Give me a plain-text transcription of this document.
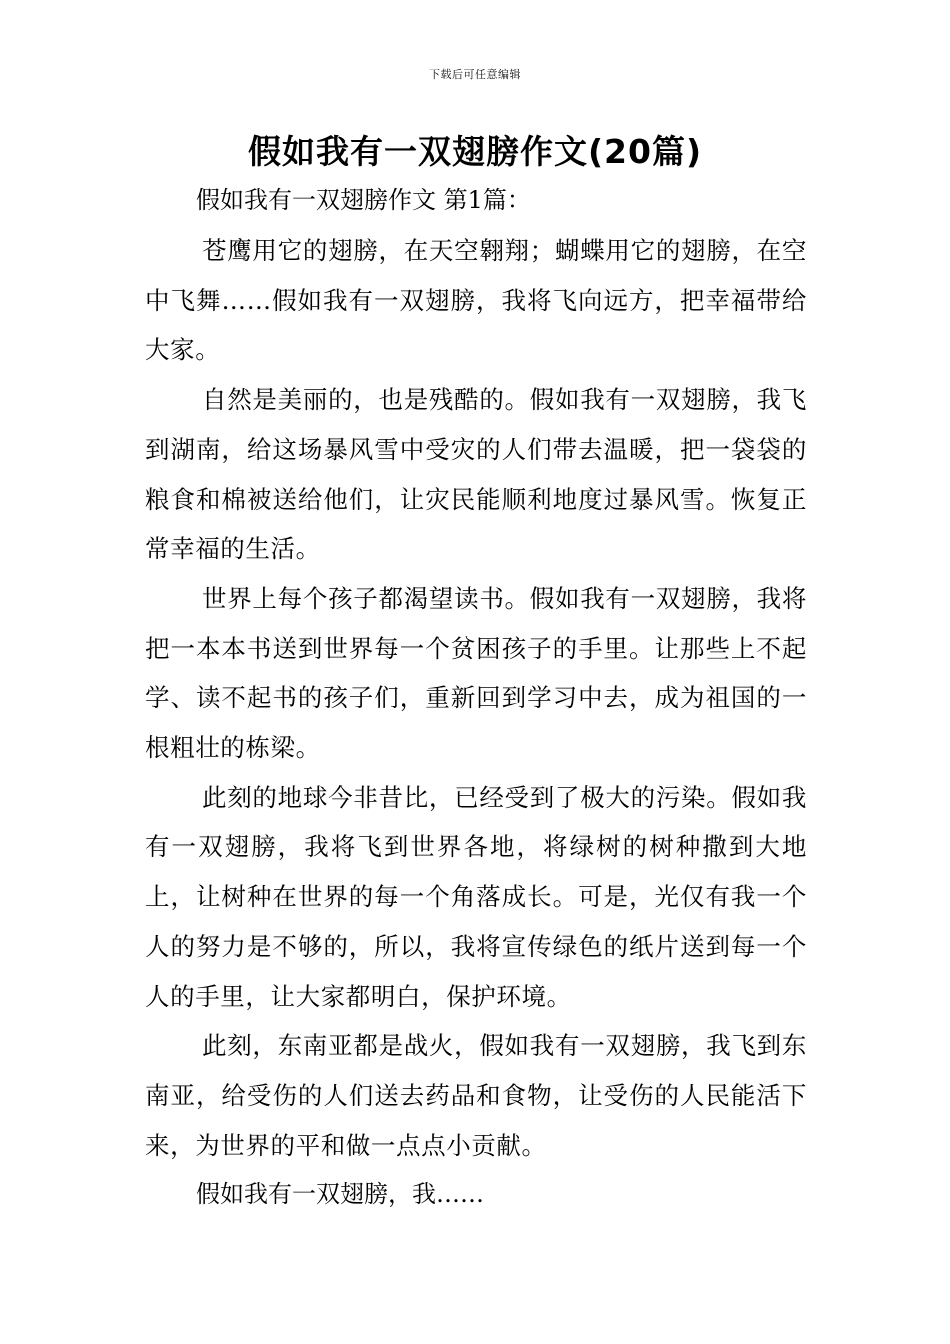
下载后可任意编辑
假如我有一双翅膀作文(20篇)
假如我有一双翅膀作文 第1篇：

苍鹰用它的翅膀，在天空翱翔；蝴蝶用它的翅膀，在空中飞舞……假如我有一双翅膀，我将飞向远方，把幸福带给大家。

自然是美丽的，也是残酷的。假如我有一双翅膀，我飞到湖南，给这场暴风雪中受灾的人们带去温暖，把一袋袋的粮食和棉被送给他们，让灾民能顺利地度过暴风雪。恢复正常幸福的生活。

世界上每个孩子都渴望读书。假如我有一双翅膀，我将把一本本书送到世界每一个贫困孩子的手里。让那些上不起学、读不起书的孩子们，重新回到学习中去，成为祖国的一根粗壮的栋梁。

此刻的地球今非昔比，已经受到了极大的污染。假如我有一双翅膀，我将飞到世界各地，将绿树的树种撒到大地上，让树种在世界的每一个角落成长。可是，光仅有我一个人的努力是不够的，所以，我将宣传绿色的纸片送到每一个人的手里，让大家都明白，保护环境。

此刻，东南亚都是战火，假如我有一双翅膀，我飞到东南亚，给受伤的人们送去药品和食物，让受伤的人民能活下来，为世界的平和做一点点小贡献。

假如我有一双翅膀，我……
